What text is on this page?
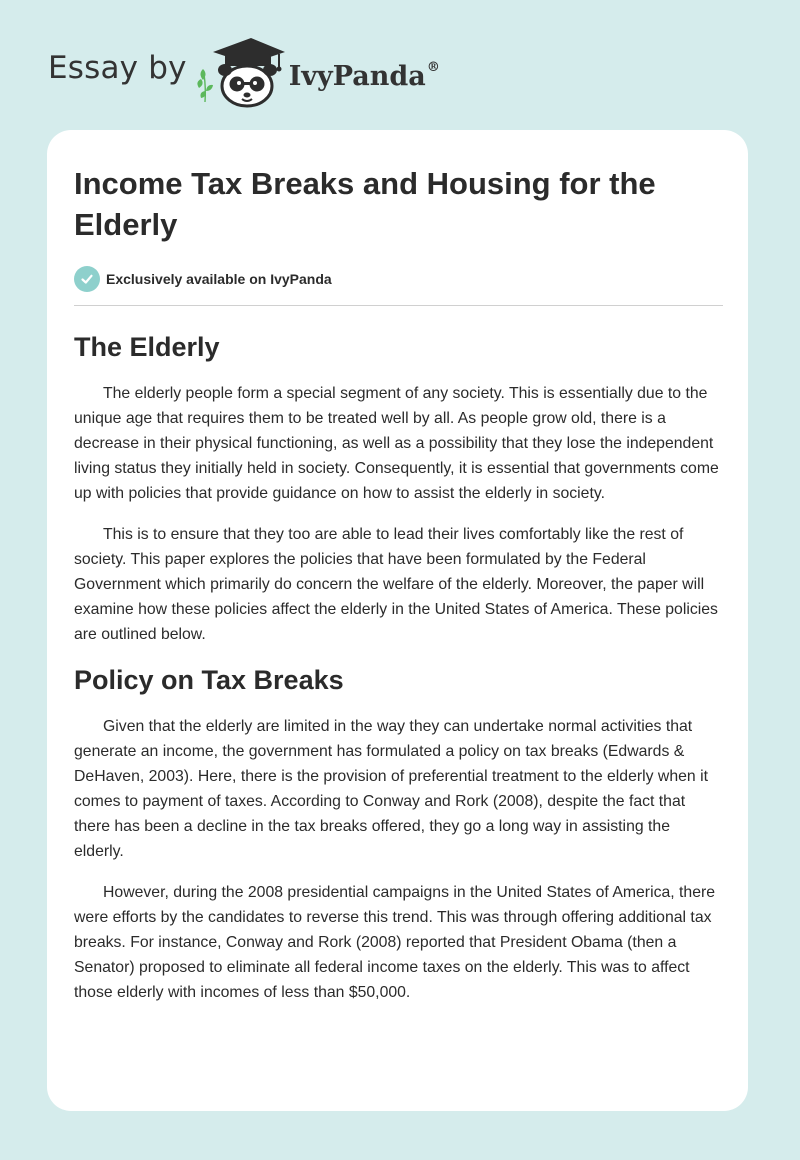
Essay by	IvyPanda®
Income Tax Breaks and Housing for the Elderly
Exclusively available on IvyPanda
The Elderly

The elderly people form a special segment of any society. This is essentially due to the unique age that requires them to be treated well by all. As people grow old, there is a decrease in their physical functioning, as well as a possibility that they lose the independent living status they initially held in society. Consequently, it is essential that governments come up with policies that provide guidance on how to assist the elderly in society.

This is to ensure that they too are able to lead their lives comfortably like the rest of society. This paper explores the policies that have been formulated by the Federal Government which primarily do concern the welfare of the elderly. Moreover, the paper will examine how these policies affect the elderly in the United States of America. These policies are outlined below.

Policy on Tax Breaks

Given that the elderly are limited in the way they can undertake normal activities that generate an income, the government has formulated a policy on tax breaks (Edwards & DeHaven, 2003). Here, there is the provision of preferential treatment to the elderly when it comes to payment of taxes. According to Conway and Rork (2008), despite the fact that there has been a decline in the tax breaks offered, they go a long way in assisting the elderly.

However, during the 2008 presidential campaigns in the United States of America, there were efforts by the candidates to reverse this trend. This was through offering additional tax breaks. For instance, Conway and Rork (2008) reported that President Obama (then a Senator) proposed to eliminate all federal income taxes on the elderly. This was to affect those elderly with incomes of less than $50,000.
